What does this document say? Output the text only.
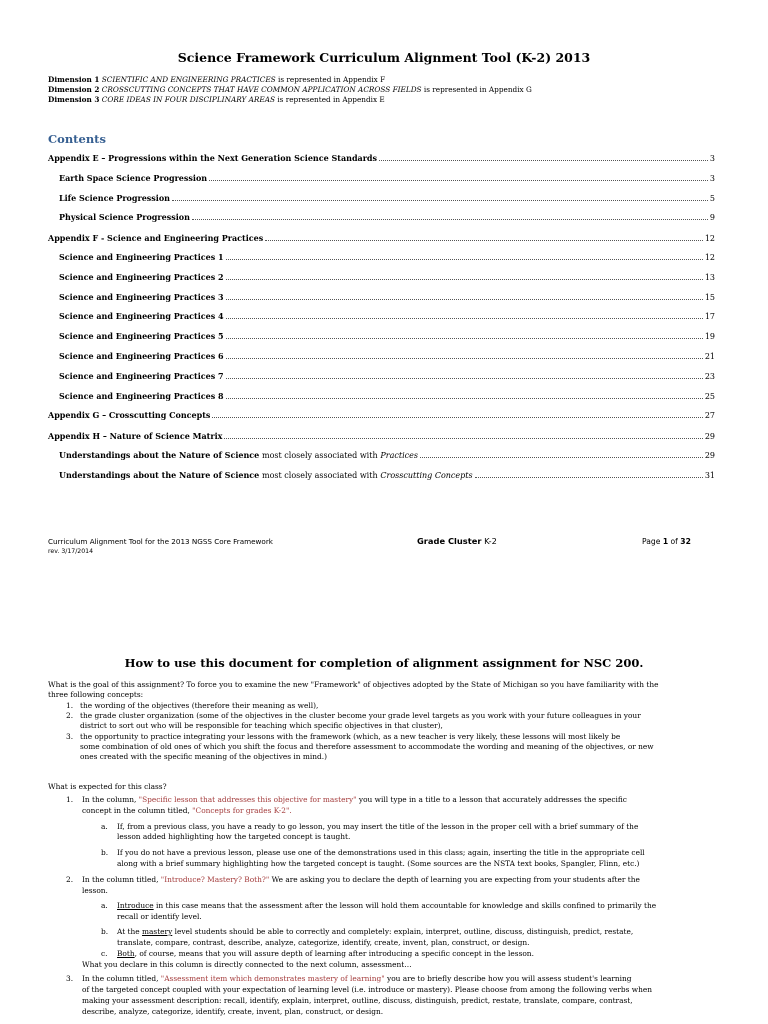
Science Framework Curriculum Alignment Tool (K-2) 2013
Dimension 1 SCIENTIFIC AND ENGINEERING PRACTICES is represented in Appendix F
Dimension 2 CROSSCUTTING CONCEPTS THAT HAVE COMMON APPLICATION ACROSS FIELDS is represented in Appendix G
Dimension 3 CORE IDEAS IN FOUR DISCIPLINARY AREAS is represented in Appendix E
Contents
Appendix E – Progressions within the Next Generation Science Standards	3
Earth Space Science Progression	3
Life Science Progression	5
Physical Science Progression	9
Appendix F - Science and Engineering Practices	12
Science and Engineering Practices 1	12
Science and Engineering Practices 2	13
Science and Engineering Practices 3	15
Science and Engineering Practices 4	17
Science and Engineering Practices 5	19
Science and Engineering Practices 6	21
Science and Engineering Practices 7	23
Science and Engineering Practices 8	25
Appendix G – Crosscutting Concepts	27
Appendix H – Nature of Science Matrix	29
Understandings about the Nature of Science most closely associated with Practices	29
Understandings about the Nature of Science most closely associated with Crosscutting Concepts	31
Curriculum Alignment Tool for the 2013 NGSS Core Framework
rev. 3/17/2014
Grade Cluster K-2	Page 1 of 32
How to use this document for completion of alignment assignment for NSC 200.
What is the goal of this assignment? To force you to examine the new "Framework" of objectives adopted by the State of Michigan so you have familiarity with the
three following concepts:
1. the wording of the objectives (therefore their meaning as well),
2. the grade cluster organization (some of the objectives in the cluster become your grade level targets as you work with your future colleagues in your
district to sort out who will be responsible for teaching which specific objectives in that cluster),
3. the opportunity to practice integrating your lessons with the framework (which, as a new teacher is very likely, these lessons will most likely be
some combination of old ones of which you shift the focus and therefore assessment to accommodate the wording and meaning of the objectives, or new
ones created with the specific meaning of the objectives in mind.)
What is expected for this class?
1. In the column, "Specific lesson that addresses this objective for mastery" you will type in a title to a lesson that accurately addresses the specific
concept in the column titled, "Concepts for grades K-2".
a. If, from a previous class, you have a ready to go lesson, you may insert the title of the lesson in the proper cell with a brief summary of the
lesson added highlighting how the targeted concept is taught.
b. If you do not have a previous lesson, please use one of the demonstrations used in this class; again, inserting the title in the appropriate cell
along with a brief summary highlighting how the targeted concept is taught. (Some sources are the NSTA text books, Spangler, Flinn, etc.)
2. In the column titled, "Introduce? Mastery? Both?" We are asking you to declare the depth of learning you are expecting from your students after the
lesson.
a. Introduce in this case means that the assessment after the lesson will hold them accountable for knowledge and skills confined to primarily the
recall or identify level.
b. At the mastery level students should be able to correctly and completely: explain, interpret, outline, discuss, distinguish, predict, restate,
translate, compare, contrast, describe, analyze, categorize, identify, create, invent, plan, construct, or design.
c. Both, of course, means that you will assure depth of learning after introducing a specific concept in the lesson.
What you declare in this column is directly connected to the next column, assessment…
3. In the column titled, "Assessment item which demonstrates mastery of learning" you are to briefly describe how you will assess student's learning
of the targeted concept coupled with your expectation of learning level (i.e. introduce or mastery). Please choose from among the following verbs when
making your assessment description: recall, identify, explain, interpret, outline, discuss, distinguish, predict, restate, translate, compare, contrast,
describe, analyze, categorize, identify, create, invent, plan, construct, or design.
